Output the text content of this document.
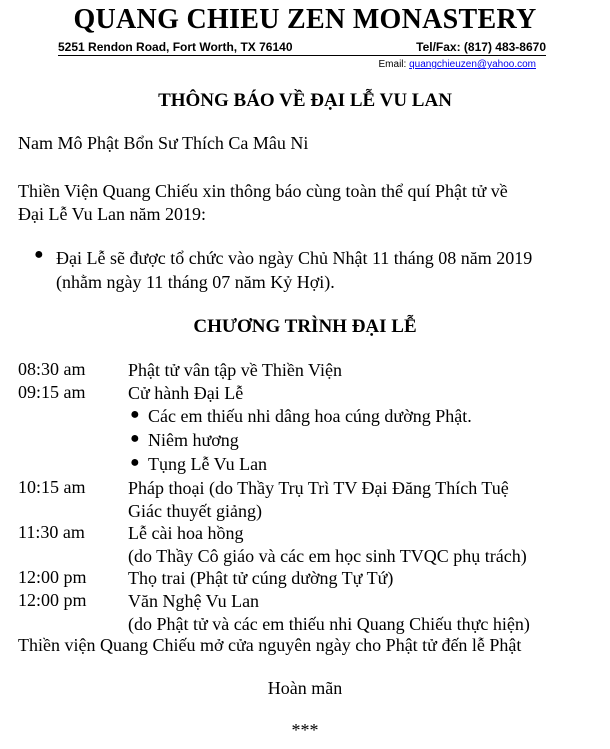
QUANG CHIEU ZEN MONASTERY
5251 Rendon Road, Fort Worth, TX 76140	Tel/Fax: (817) 483-8670
Email: quangchieuzen@yahoo.com
THÔNG BÁO VỀ ĐẠI LỄ VU LAN
Nam Mô Phật Bổn Sư Thích Ca Mâu Ni
Thiền Viện Quang Chiếu xin thông báo cùng toàn thể quí Phật tử về
Đại Lễ Vu Lan năm 2019:
● Đại Lễ sẽ được tổ chức vào ngày Chủ Nhật 11 tháng 08 năm 2019
(nhằm ngày 11 tháng 07 năm Kỷ Hợi).
CHƯƠNG TRÌNH ĐẠI LỄ
08:30 am Phật tử vân tập về Thiền Viện
09:15 am Cử hành Đại Lễ
● Các em thiếu nhi dâng hoa cúng dường Phật.
● Niêm hương
● Tụng Lễ Vu Lan
10:15 am Pháp thoại (do Thầy Trụ Trì TV Đại Đăng Thích Tuệ
Giác thuyết giảng)
11:30 am Lễ cài hoa hồng
(do Thầy Cô giáo và các em học sinh TVQC phụ trách)
12:00 pm Thọ trai (Phật tử cúng dường Tự Tứ)
12:00 pm Văn Nghệ Vu Lan
(do Phật tử và các em thiếu nhi Quang Chiếu thực hiện)
Thiền viện Quang Chiếu mở cửa nguyên ngày cho Phật tử đến lễ Phật
Hoàn mãn
***
